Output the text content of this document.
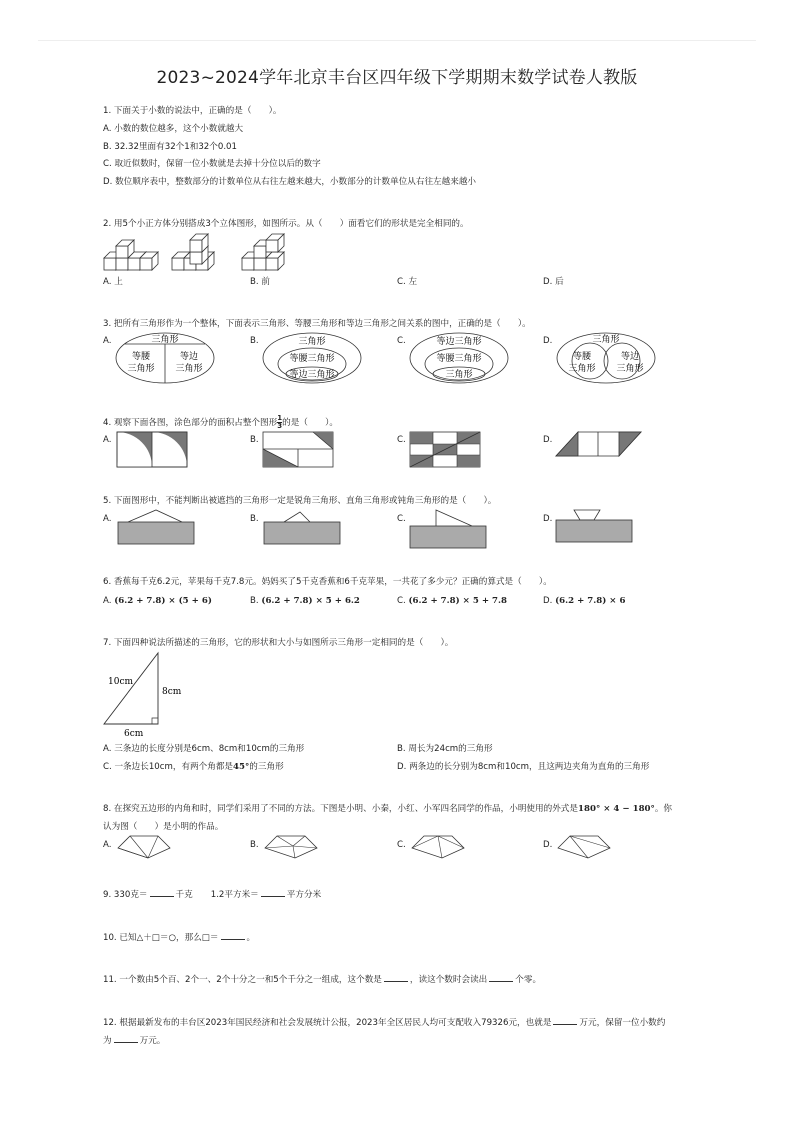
2023~2024学年北京丰台区四年级下学期期末数学试卷人教版
1. 下面关于小数的说法中，正确的是（　　）。
A. 小数的数位越多，这个小数就越大
B. 32.32里面有32个1和32个0.01
C. 取近似数时，保留一位小数就是去掉十分位以后的数字
D. 数位顺序表中，整数部分的计数单位从右往左越来越大，小数部分的计数单位从右往左越来越小
2. 用5个小正方体分别搭成3个立体图形，如图所示。从（　　）面看它们的形状是完全相同的。
A. 上	B. 前	C. 左	D. 后
3. 把所有三角形作为一个整体，下面表示三角形、等腰三角形和等边三角形之间关系的图中，正确的是（　　）。
A.	B.	C.	D.
三角形
等腰
三角形
等边
三角形
三角形
等腰三角形
等边三角形
等边三角形
等腰三角形
三角形
三角形
等腰
三角形
等边
三角形
4. 观察下面各图，涂色部分的面积占整个图形 $\frac{1}{3}$ 的是（　　）。
A.	B.	C.	D.
5. 下面图形中，不能判断出被遮挡的三角形一定是锐角三角形、直角三角形或钝角三角形的是（　　）。
A.	B.	C.	D.
6. 香蕉每千克6.2元，苹果每千克7.8元。妈妈买了5千克香蕉和6千克苹果，一共花了多少元？正确的算式是（　　）。
A. (6.2 + 7.8) × (5 + 6)	B. (6.2 + 7.8) × 5 + 6.2	C. (6.2 + 7.8) × 5 + 7.8	D. (6.2 + 7.8) × 6
7. 下面四种说法所描述的三角形，它的形状和大小与如图所示三角形一定相同的是（　　）。
10cm
8cm
6cm
A. 三条边的长度分别是6cm、8cm和10cm的三角形	B. 周长为24cm的三角形
C. 一条边长10cm，有两个角都是45°的三角形	D. 两条边的长分别为8cm和10cm，且这两边夹角为直角的三角形
8. 在探究五边形的内角和时，同学们采用了不同的方法。下图是小明、小秦，小红、小军四名同学的作品，小明使用的外式是180° × 4 − 180°。你
认为图（　　）是小明的作品。
A.	B.	C.	D.
9. 330克＝	千克 1.2平方米＝	平方分米
10. 已知△＋□＝○，那么□＝	。
11. 一个数由5个百、2个一、2个十分之一和5个千分之一组成，这个数是	，读这个数时会读出	个零。
12. 根据最新发布的丰台区2023年国民经济和社会发展统计公报，2023年全区居民人均可支配收入79326元，也就是	万元，保留一位小数约
为	万元。
